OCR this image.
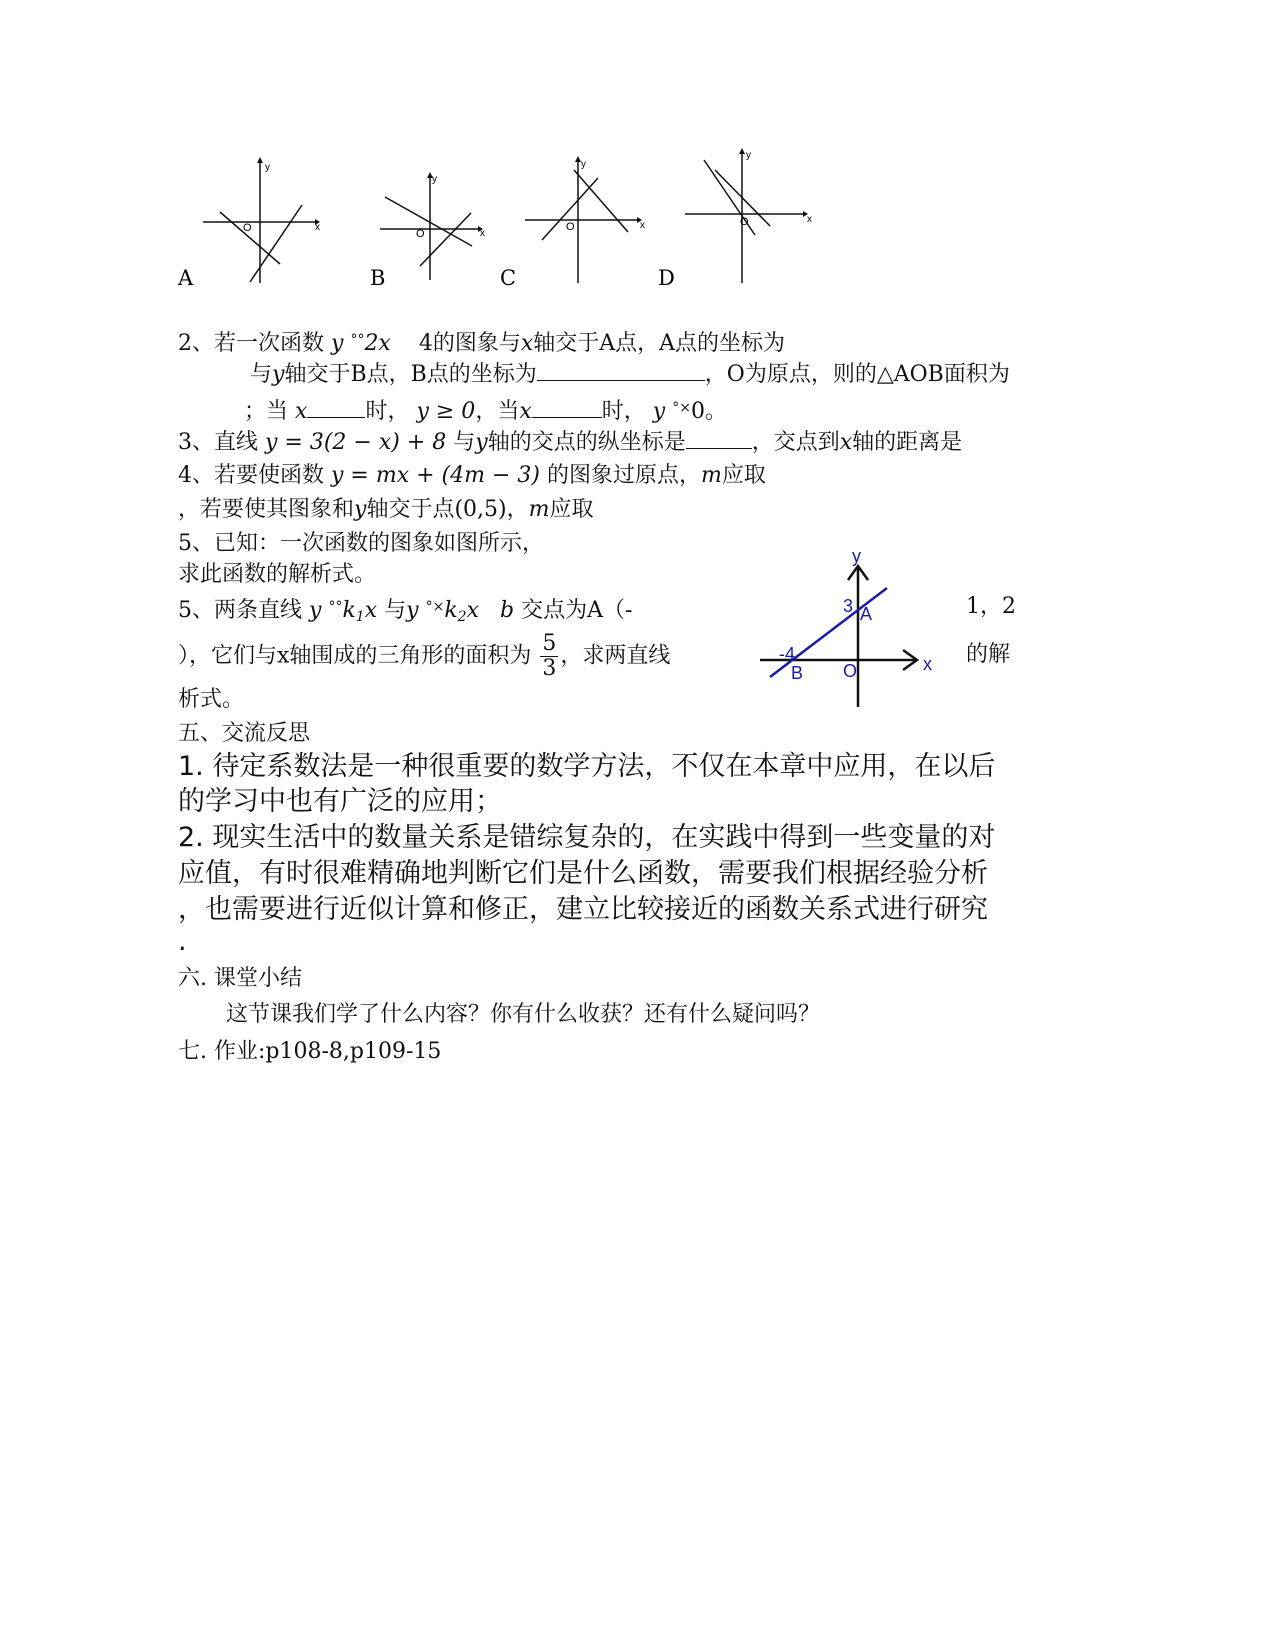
y
x
O
A
y
x
O
B
y
x
O
C
y
x
O
D
2、若一次函数 y °°2x 4的图象与x轴交于A点，A点的坐标为
与y轴交于B点，B点的坐标为	，O为原点，则的△AOB面积为
；当 x	时， y ≥ 0，当x	时， y °×0。
3、直线 y = 3(2 − x) + 8 与y轴的交点的纵坐标是	，交点到x轴的距离是
4、若要使函数 y = mx + (4m − 3) 的图象过原点，m应取
，若要使其图象和y轴交于点(0,5)，m应取
5、已知：一次函数的图象如图所示，
求此函数的解析式。
5、两条直线 y $^{^\circ^\circ}k_1x$ 与y $^{^\circ\times}k_2x$ b 交点为A（-	1，2
），它们与x轴围成的三角形的面积为 $\frac{5}{3}$ ，求两直线	的解
析式。
y
x
O
A
3
-4
B
五、交流反思
1. 待定系数法是一种很重要的数学方法，不仅在本章中应用，在以后
的学习中也有广泛的应用；
2. 现实生活中的数量关系是错综复杂的，在实践中得到一些变量的对
应值，有时很难精确地判断它们是什么函数，需要我们根据经验分析
，也需要进行近似计算和修正，建立比较接近的函数关系式进行研究
.
六. 课堂小结
这节课我们学了什么内容？你有什么收获？还有什么疑问吗？
七. 作业:p108-8,p109-15
